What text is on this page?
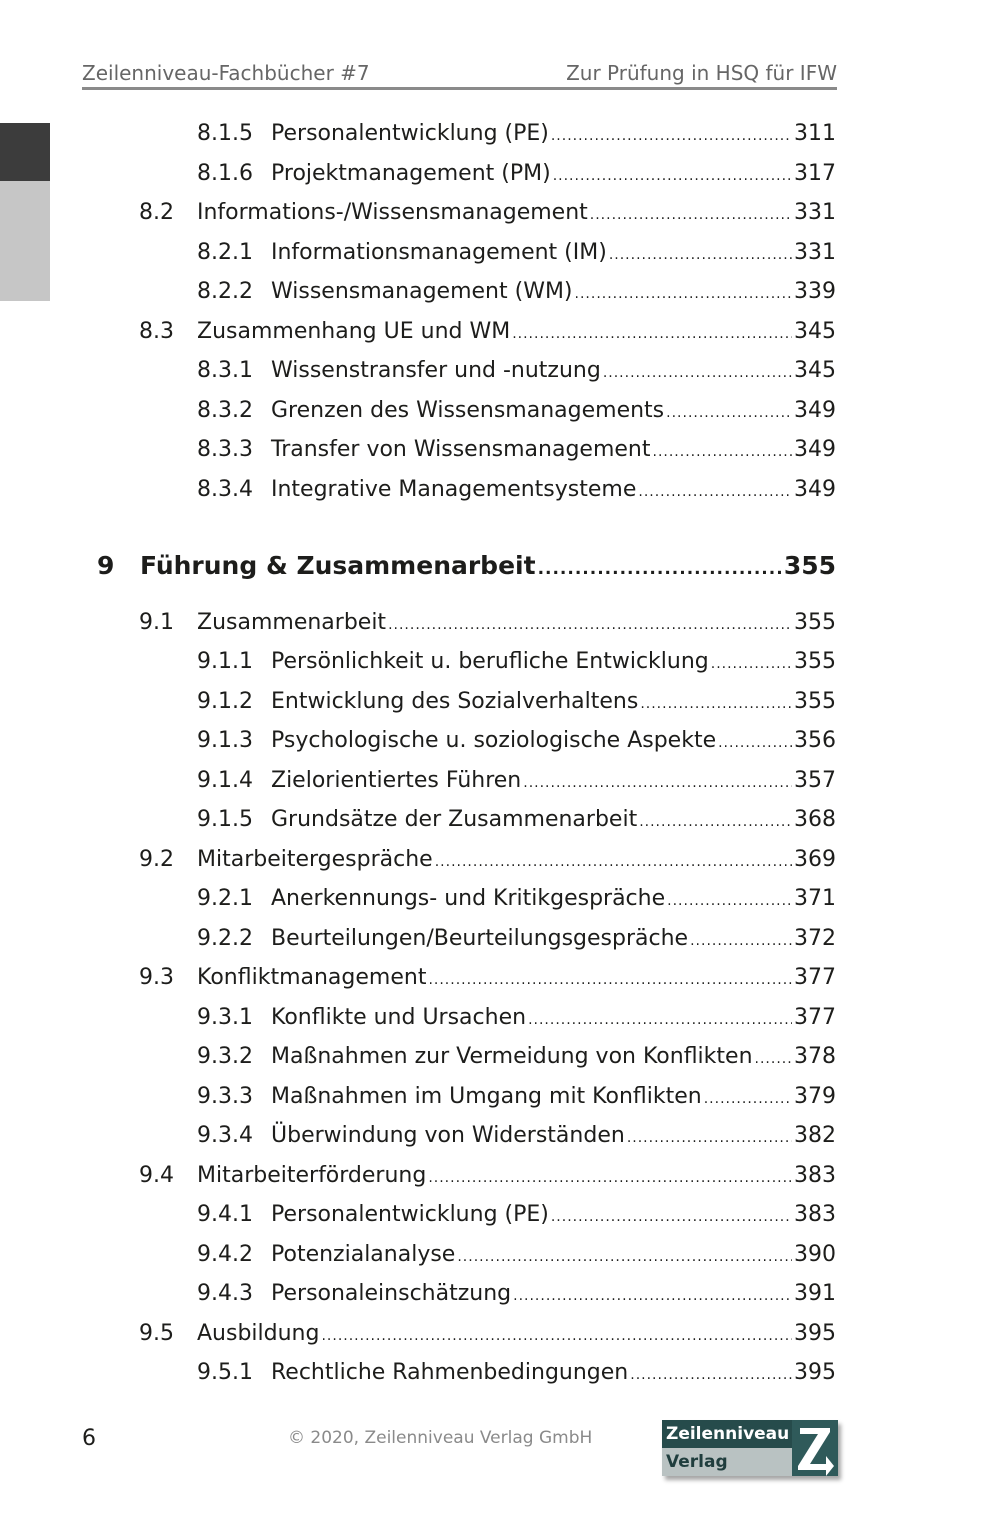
Zeilenniveau-Fachbücher #7	Zur Prüfung in HSQ für IFW
8.1.5 Personalentwicklung (PE) .....	311
8.1.6 Projektmanagement (PM) .....	317
8.2	Informations-/Wissensmanagement .....	331
8.2.1 Informationsmanagement (IM) .....	331
8.2.2 Wissensmanagement (WM) .....	339
8.3	Zusammenhang UE und WM .....	345
8.3.1 Wissenstransfer und -nutzung .....	345
8.3.2 Grenzen des Wissensmanagements .....	349
8.3.3 Transfer von Wissensmanagement .....	349
8.3.4 Integrative Managementsysteme .....	349
9	Führung & Zusammenarbeit .....	355
9.1	Zusammenarbeit .....	355
9.1.1 Persönlichkeit u. berufliche Entwicklung .....	355
9.1.2 Entwicklung des Sozialverhaltens .....	355
9.1.3 Psychologische u. soziologische Aspekte .....	356
9.1.4 Zielorientiertes Führen .....	357
9.1.5 Grundsätze der Zusammenarbeit .....	368
9.2	Mitarbeitergespräche .....	369
9.2.1 Anerkennungs- und Kritikgespräche .....	371
9.2.2 Beurteilungen/Beurteilungsgespräche .....	372
9.3	Konfliktmanagement .....	377
9.3.1 Konflikte und Ursachen .....	377
9.3.2 Maßnahmen zur Vermeidung von Konflikten ..... 378
9.3.3 Maßnahmen im Umgang mit Konflikten .....	379
9.3.4 Überwindung von Widerständen .....	382
9.4	Mitarbeiterförderung .....	383
9.4.1 Personalentwicklung (PE) .....	383
9.4.2 Potenzialanalyse .....	390
9.4.3 Personaleinschätzung .....	391
9.5	Ausbildung .....	395
9.5.1 Rechtliche Rahmenbedingungen .....	395
6	© 2020, Zeilenniveau Verlag GmbH	Zeilenniveau
Verlag
